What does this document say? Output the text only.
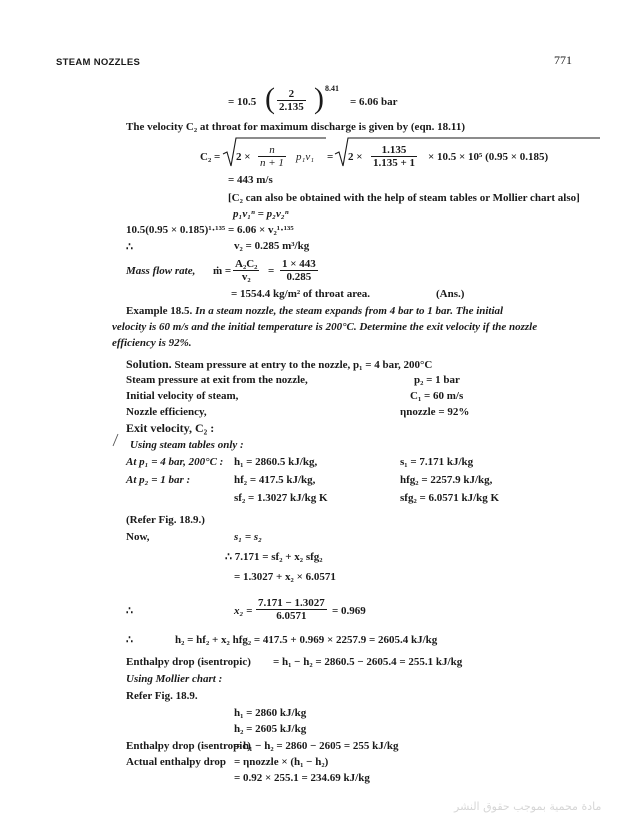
STEAM NOZZLES	771
= 10.5 ( $\frac{2}{2.135}$ ) 8.41
= 6.06 bar
The velocity C₂ at throat for maximum discharge is given by (eqn. 18.11)
$C_2 = 2 \times \frac{n}{n + 1} p_1v_1 = 2 \times \frac{1.135}{1.135 + 1} \times 10.5 \times 10^5$ (0.95 × 0.185)
= 443 m/s
[C₂ can also be obtained with the help of steam tables or Mollier chart also]
p₁v₁ⁿ = p₂v₂ⁿ
10.5(0.95 × 0.185)¹·¹³⁵ = 6.06 × v₂¹·¹³⁵
∴	v₂ = 0.285 m³/kg
Mass flow rate, ṁ = $\frac{\text{A₂C₂}}{\text{v₂}} = \frac{1 \times 443}{0.285}$
= 1554.4 kg/m² of throat area.	(Ans.)
Example 18.5. In a steam nozzle, the steam expands from 4 bar to 1 bar. The initial
velocity is 60 m/s and the initial temperature is 200°C. Determine the exit velocity if the nozzle
efficiency is 92%.
Solution. Steam pressure at entry to the nozzle, p₁ = 4 bar, 200°C
Steam pressure at exit from the nozzle,	p₂ = 1 bar
Initial velocity of steam,	C₁ = 60 m/s
Nozzle efficiency,	ηnozzle = 92%
Exit velocity, C₂ :
Using steam tables only :
At p₁ = 4 bar, 200°C : h₁ = 2860.5 kJ/kg,	s₁ = 7.171 kJ/kg
At p₂ = 1 bar :	hf₂ = 417.5 kJ/kg,	hfg₂ = 2257.9 kJ/kg,
sf₂ = 1.3027 kJ/kg K	sfg₂ = 6.0571 kJ/kg K
(Refer Fig. 18.9.)
Now,	s₁ = s₂
∴ 7.171 = sf₂ + x₂ sfg₂
= 1.3027 + x₂ × 6.0571
∴	$x_2 = \frac{7.171 - 1.3027}{6.0571} = 0.969$
∴	h₂ = hf₂ + x₂ hfg₂ = 417.5 + 0.969 × 2257.9 = 2605.4 kJ/kg
Enthalpy drop (isentropic) = h₁ − h₂ = 2860.5 − 2605.4 = 255.1 kJ/kg
Using Mollier chart :
Refer Fig. 18.9.
h₁ = 2860 kJ/kg
h₂ = 2605 kJ/kg
Enthalpy drop (isentropic)
= h₁ − h₂ = 2860 − 2605 = 255 kJ/kg
Actual enthalpy drop = ηnozzle × (h₁ − h₂)
= 0.92 × 255.1 = 234.69 kJ/kg
مادة محمية بموجب حقوق النشر
